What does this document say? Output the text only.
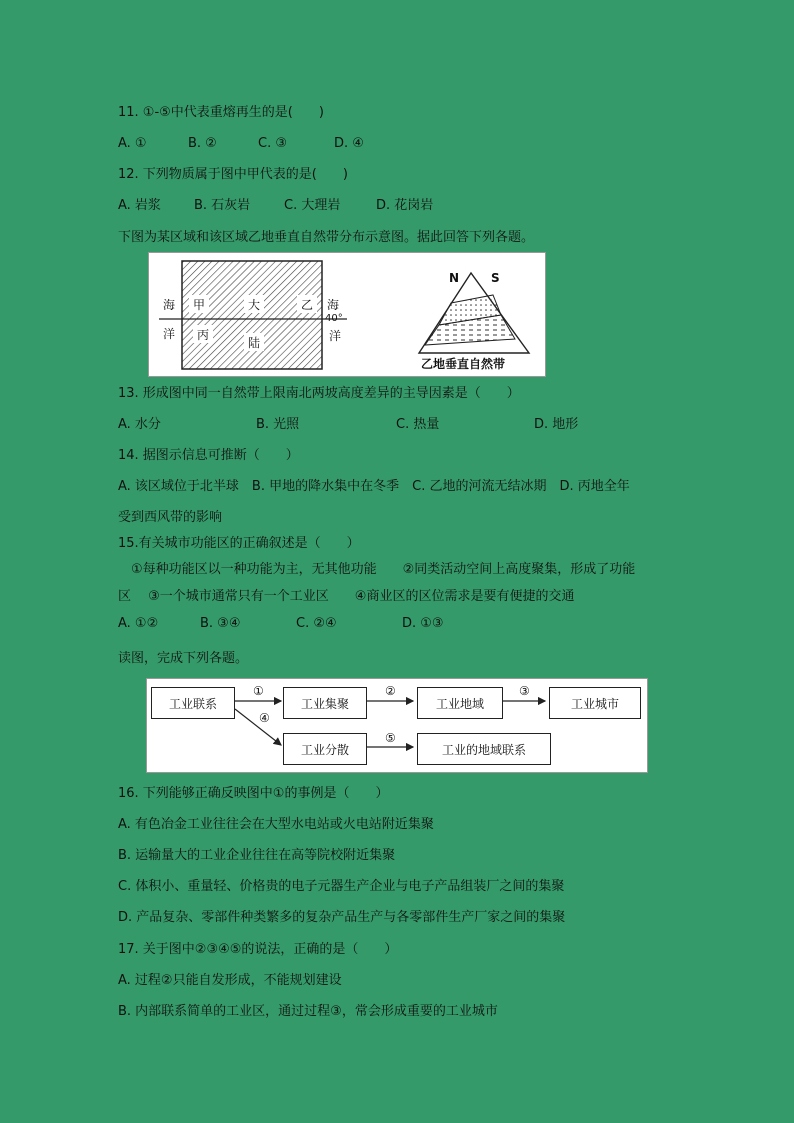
11. ①-⑤中代表重熔再生的是(　　)
A. ①	B. ②	C. ③	D. ④
12. 下列物质属于图中甲代表的是(　　)
A. 岩浆	B. 石灰岩	C. 大理岩	D. 花岗岩
下图为某区域和该区域乙地垂直自然带分布示意图。据此回答下列各题。
海
洋
甲	大	乙 海
40°
洋
丙
陆
N	S
乙地垂直自然带
13. 形成图中同一自然带上限南北两坡高度差异的主导因素是（　　）
A. 水分	B. 光照	C. 热量	D. 地形
14. 据图示信息可推断（　　）
A. 该区域位于北半球　B. 甲地的降水集中在冬季　C. 乙地的河流无结冰期　D. 丙地全年
受到西风带的影响
15.有关城市功能区的正确叙述是（　　）
　①每种功能区以一种功能为主，无其他功能　　②同类活动空间上高度聚集，形成了功能
区　 ③一个城市通常只有一个工业区　　④商业区的区位需求是要有便捷的交通
A. ①②	B. ③④	C. ②④	D. ①③
读图，完成下列各题。
工业联系	工业集聚	工业地域	工业城市
工业分散	工业的地域联系
①	②	③
④
⑤
16. 下列能够正确反映图中①的事例是（　　）
A. 有色冶金工业往往会在大型水电站或火电站附近集聚
B. 运输量大的工业企业往往在高等院校附近集聚
C. 体积小、重量轻、价格贵的电子元器生产企业与电子产品组装厂之间的集聚
D. 产品复杂、零部件种类繁多的复杂产品生产与各零部件生产厂家之间的集聚
17. 关于图中②③④⑤的说法，正确的是（　　）
A. 过程②只能自发形成，不能规划建设
B. 内部联系简单的工业区，通过过程③，常会形成重要的工业城市
